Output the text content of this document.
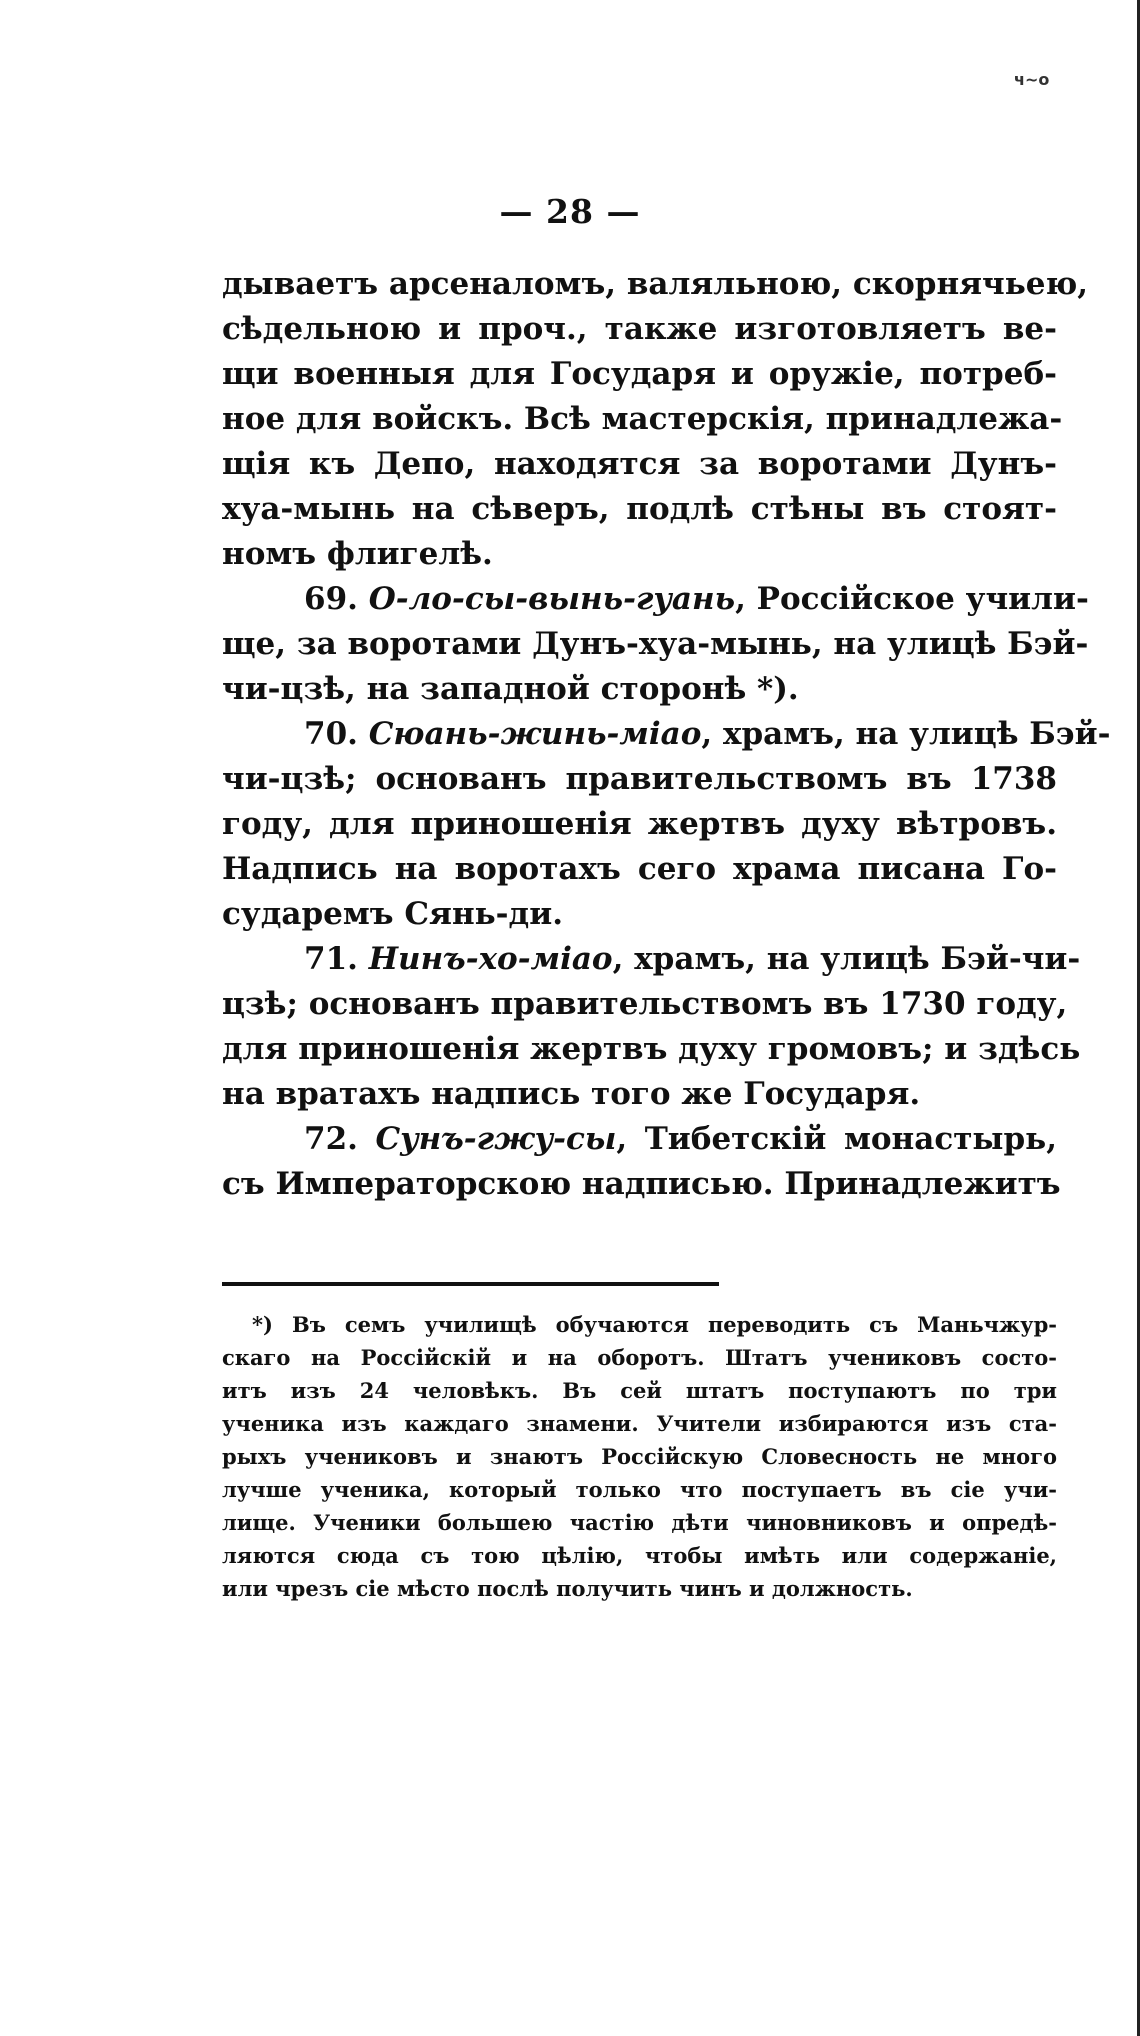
ч~о
— 28 —
дываетъ арсеналомъ, валяльною, скорнячьею,
сѣдельною и проч., также изготовляетъ ве-
щи военныя для Государя и оружіе, потреб-
ное для войскъ. Всѣ мастерскія, принадлежа-
щія къ Депо, находятся за воротами Дунъ-
хуа-мынь на сѣверъ, подлѣ стѣны въ стоят-
номъ флигелѣ.
69. О-ло-сы-вынь-гуань, Россійское учили-
ще, за воротами Дунъ-хуа-мынь, на улицѣ Бэй-
чи-цзѣ, на западной сторонѣ *).
70. Сюань-жинь-міао, храмъ, на улицѣ Бэй-
чи-цзѣ; основанъ правительствомъ въ 1738
году, для приношенія жертвъ духу вѣтровъ.
Надпись на воротахъ сего храма писана Го-
сударемъ Сянь-ди.
71. Нинъ-хо-міао, храмъ, на улицѣ Бэй-чи-
цзѣ; основанъ правительствомъ въ 1730 году,
для приношенія жертвъ духу громовъ; и здѣсь
на вратахъ надпись того же Государя.
72. Сунъ-гжу-сы, Тибетскій монастырь,
съ Императорскою надписью. Принадлежитъ
*) Въ семъ училищѣ обучаются переводить съ Маньчжур-
скаго на Россійскій и на оборотъ. Штатъ учениковъ состо-
итъ изъ 24 человѣкъ. Въ сей штатъ поступаютъ по три
ученика изъ каждаго знамени. Учители избираются изъ ста-
рыхъ учениковъ и знаютъ Россійскую Словесность не много
лучше ученика, который только что поступаетъ въ сіе учи-
лище. Ученики большею частію дѣти чиновниковъ и опредѣ-
ляются сюда съ тою цѣлію, чтобы имѣть или содержаніе,
или чрезъ сіе мѣсто послѣ получить чинъ и должность.
